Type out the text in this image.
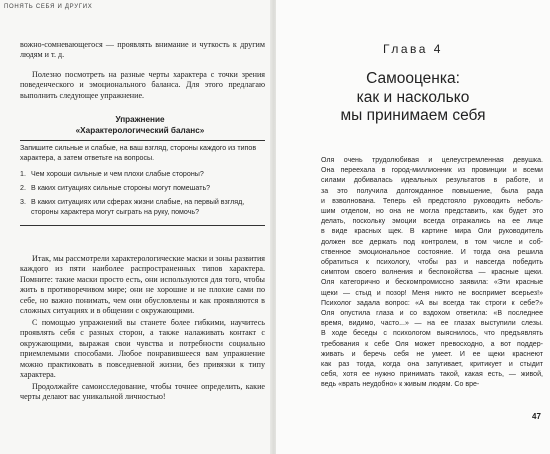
ПОНЯТЬ СЕБЯ И ДРУГИХ

вожно-сомневающегося — проявлять внимание и чуткость к другим людям и т. д.

Полезно посмотреть на разные черты характера с точки зрения поведенческого и эмоционального баланса. Для этого предлагаю выполнить следующее упражнение.

Упражнение
«Характерологический баланс»

Запишите сильные и слабые, на ваш взгляд, стороны каждого из типов характера, а затем ответьте на вопросы.

1. Чем хороши сильные и чем плохи слабые стороны?
2. В каких ситуациях сильные стороны могут помешать?
3. В каких ситуациях или сферах жизни слабые, на первый взгляд, стороны характера могут сыграть на руку, помочь?

Итак, мы рассмотрели характерологические маски и зоны развития каждого из пяти наиболее распространенных типов характера. Помните: такие маски просто есть, они используются для того, чтобы жить в противоречивом мире; они не хорошие и не плохие сами по себе, но важно понимать, чем они обусловлены и как проявляются в сложных ситуациях и в общении с окружающими.

С помощью упражнений вы станете более гибкими, научитесь проявлять себя с разных сторон, а также налаживать контакт с окружающими, выражая свои чувства и потребности социально приемлемыми способами. Любое понравившееся вам упражнение можно практиковать в повседневной жизни, без привязки к типу характера.

Продолжайте самоисследование, чтобы точнее определить, какие черты делают вас уникальной личностью!

Глава 4
Самооценка:
как и насколько
мы принимаем себя
Оля очень трудолюбивая и целеустремленная девушка.
Она переехала в город-миллионник из провинции и всеми
силами добивалась идеальных результатов в работе, и
за это получила долгожданное повышение, была рада
и взволнована. Теперь ей предстояло руководить неболь-
шим отделом, но она не могла представить, как будет это
делать, поскольку эмоции всегда отражались на ее лице
в виде красных щек. В картине мира Оли руководитель
должен все держать под контролем, в том числе и соб-
ственное эмоциональное состояние. И тогда она решила
обратиться к психологу, чтобы раз и навсегда победить
симптом своего волнения и беспокойства — красные щеки.
Оля категорично и бескомпромиссно заявила: «Эти красные
щеки — стыд и позор! Меня никто не воспримет всерьез!»
Психолог задала вопрос: «А вы всегда так строги к себе?»
Оля опустила глаза и со вздохом ответила: «В последнее
время, видимо, часто...» — на ее глазах выступили слезы.
В ходе беседы с психологом выяснилось, что предъявлять
требования к себе Оля может превосходно, а вот поддер-
живать и беречь себя не умеет. И ее щеки краснеют
как раз тогда, когда она запугивает, критикует и стыдит
себя, хотя ее нужно принимать такой, какая есть, — живой,
ведь «врать неудобно» к живым людям. Со вре-
47
